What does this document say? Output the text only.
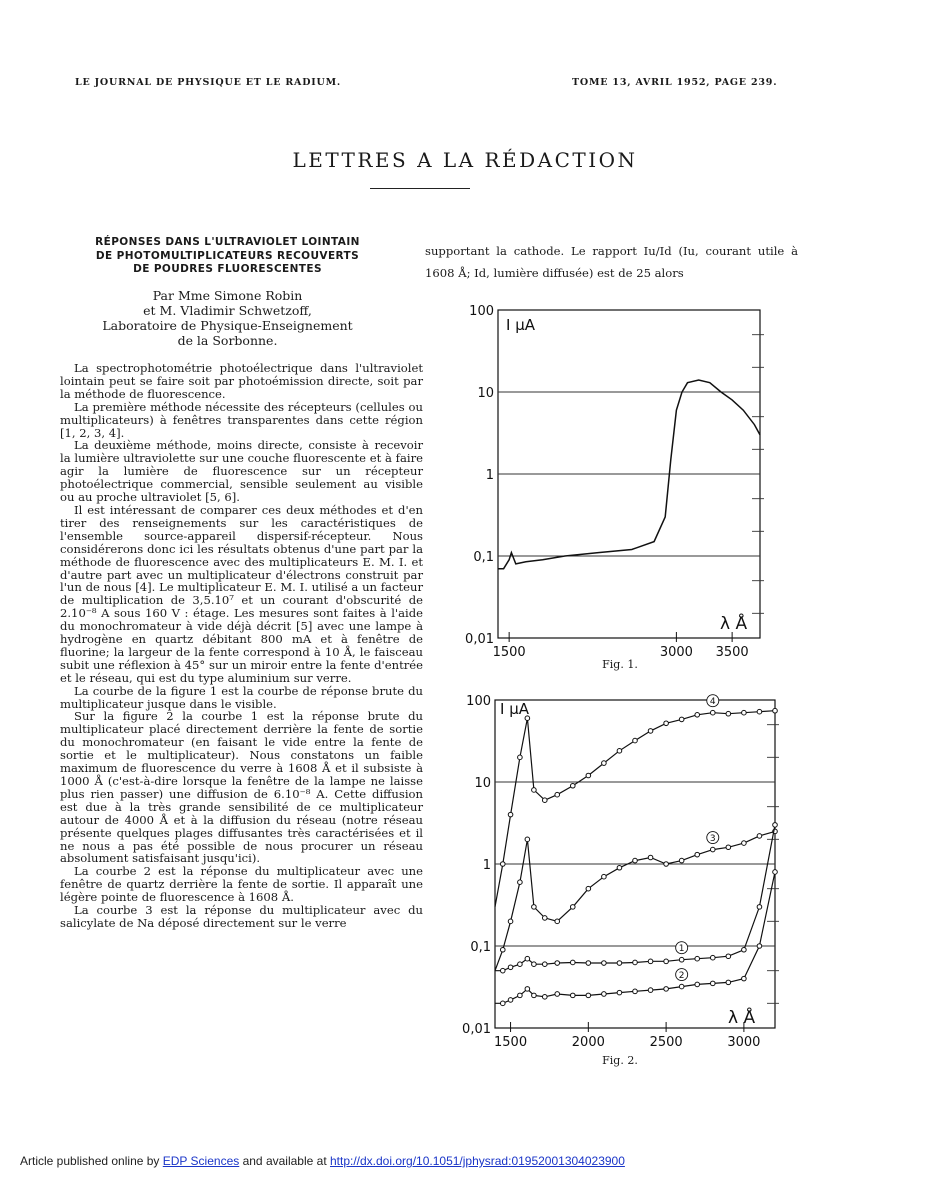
LE JOURNAL DE PHYSIQUE ET LE RADIUM.	TOME 13, AVRIL 1952, PAGE 239.
LETTRES A LA RÉDACTION
RÉPONSES DANS L'ULTRAVIOLET LOINTAIN
DE PHOTOMULTIPLICATEURS RECOUVERTS
DE POUDRES FLUORESCENTES
Par Mme Simone Robin
et M. Vladimir Schwetzoff,
Laboratoire de Physique-Enseignement
de la Sorbonne.

La spectrophotométrie photoélectrique dans l'ultraviolet lointain peut se faire soit par photoémission directe, soit par la méthode de fluorescence.

La première méthode nécessite des récepteurs (cellules ou multiplicateurs) à fenêtres transparentes dans cette région [1, 2, 3, 4].

La deuxième méthode, moins directe, consiste à recevoir la lumière ultraviolette sur une couche fluorescente et à faire agir la lumière de fluorescence sur un récepteur photoélectrique commercial, sensible seulement au visible ou au proche ultraviolet [5, 6].

Il est intéressant de comparer ces deux méthodes et d'en tirer des renseignements sur les caractéristiques de l'ensemble source-appareil dispersif-récepteur. Nous considérerons donc ici les résultats obtenus d'une part par la méthode de fluorescence avec des multiplicateurs E. M. I. et d'autre part avec un multiplicateur d'électrons construit par l'un de nous [4]. Le multiplicateur E. M. I. utilisé a un facteur de multiplication de 3,5.10⁷ et un courant d'obscurité de 2.10⁻⁸ A sous 160 V : étage. Les mesures sont faites à l'aide du monochromateur à vide déjà décrit [5] avec une lampe à hydrogène en quartz débitant 800 mA et à fenêtre de fluorine; la largeur de la fente correspond à 10 Å, le faisceau subit une réflexion à 45° sur un miroir entre la fente d'entrée et le réseau, qui est du type aluminium sur verre.

La courbe de la figure 1 est la courbe de réponse brute du multiplicateur jusque dans le visible.

Sur la figure 2 la courbe 1 est la réponse brute du multiplicateur placé directement derrière la fente de sortie du monochromateur (en faisant le vide entre la fente de sortie et le multiplicateur). Nous constatons un faible maximum de fluorescence du verre à 1608 Å et il subsiste à 1000 Å (c'est-à-dire lorsque la fenêtre de la lampe ne laisse plus rien passer) une diffusion de 6.10⁻⁸ A. Cette diffusion est due à la très grande sensibilité de ce multiplicateur autour de 4000 Å et à la diffusion du réseau (notre réseau présente quelques plages diffusantes très caractérisées et il ne nous a pas été possible de nous procurer un réseau absolument satisfaisant jusqu'ici).

La courbe 2 est la réponse du multiplicateur avec une fenêtre de quartz derrière la fente de sortie. Il apparaît une légère pointe de fluorescence à 1608 Å.

La courbe 3 est la réponse du multiplicateur avec du salicylate de Na déposé directement sur le verre

supportant la cathode. Le rapport Iu/Id (Iu, courant utile à 1608 Å; Id, lumière diffusée) est de 25 alors
100
10
1
0,1
0,01
1500	3000 3500
I μA
λ Å
Fig. 1.
100
10
1
0,1
0,01
1500	2000	2500	3000
4
3
1
2
I μA
λ Å
Fig. 2.
Article published online by EDP Sciences and available at http://dx.doi.org/10.1051/jphysrad:01952001304023900
